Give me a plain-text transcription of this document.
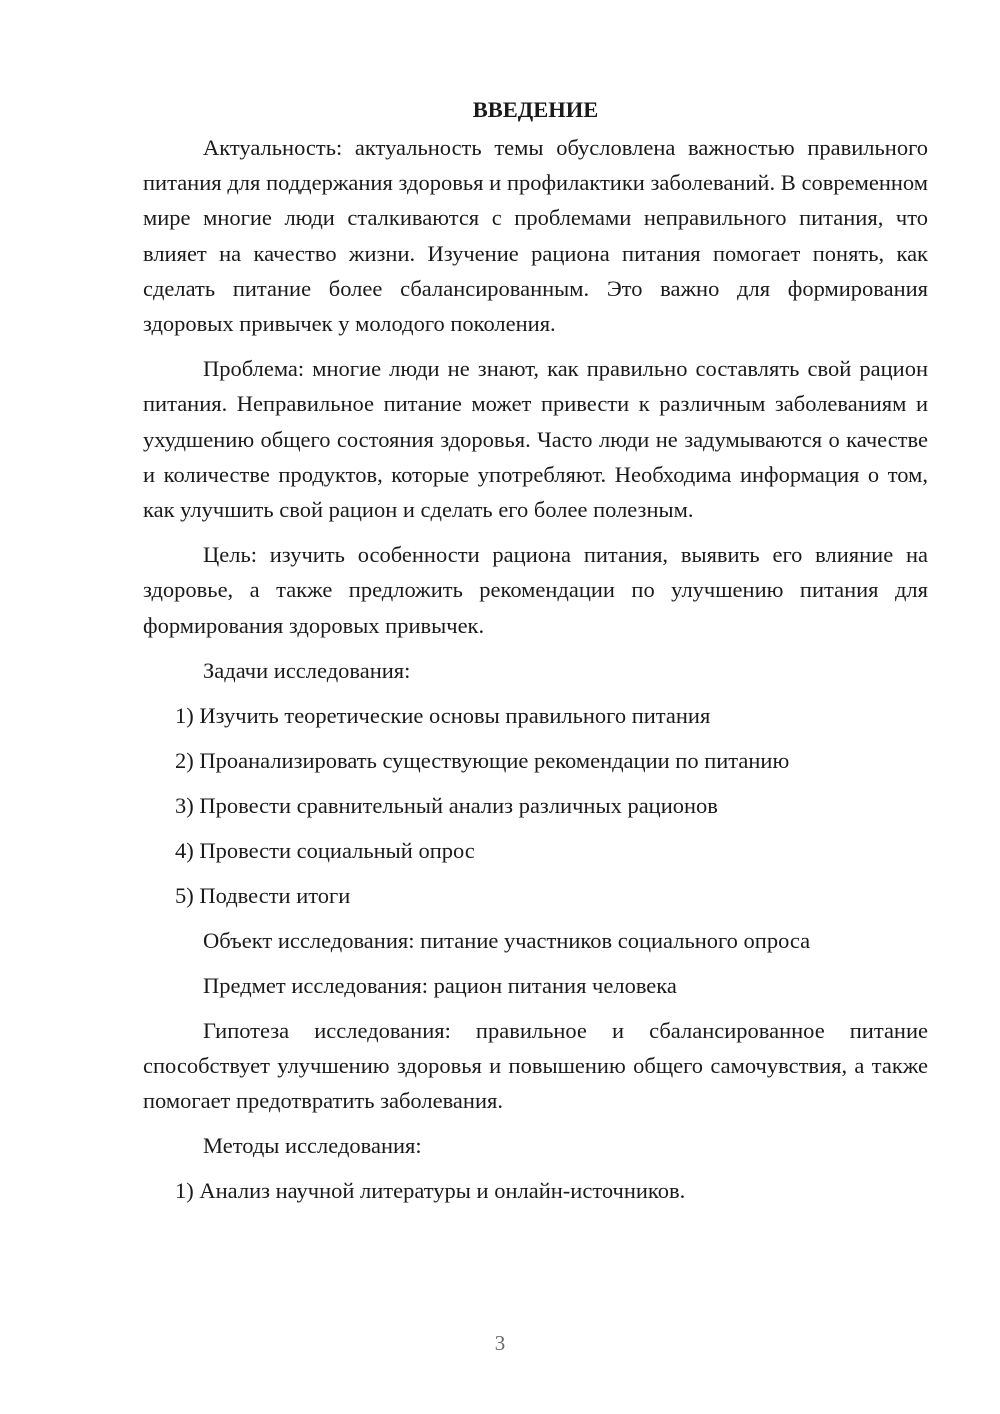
ВВЕДЕНИЕ

Актуальность: актуальность темы обусловлена важностью правильного питания для поддержания здоровья и профилактики заболеваний. В современном мире многие люди сталкиваются с проблемами неправильного питания, что влияет на качество жизни. Изучение рациона питания помогает понять, как сделать питание более сбалансированным. Это важно для формирования здоровых привычек у молодого поколения.

Проблема: многие люди не знают, как правильно составлять свой рацион питания. Неправильное питание может привести к различным заболеваниям и ухудшению общего состояния здоровья. Часто люди не задумываются о качестве и количестве продуктов, которые употребляют. Необходима информация о том, как улучшить свой рацион и сделать его более полезным.

Цель: изучить особенности рациона питания, выявить его влияние на здоровье, а также предложить рекомендации по улучшению питания для формирования здоровых привычек.

Задачи исследования:
1) Изучить теоретические основы правильного питания
2) Проанализировать существующие рекомендации по питанию
3) Провести сравнительный анализ различных рационов
4) Провести социальный опрос
5) Подвести итоги
Объект исследования: питание участников социального опроса
Предмет исследования: рацион питания человека

Гипотеза исследования: правильное и сбалансированное питание способствует улучшению здоровья и повышению общего самочувствия, а также помогает предотвратить заболевания.

Методы исследования:
1) Анализ научной литературы и онлайн-источников.
3
